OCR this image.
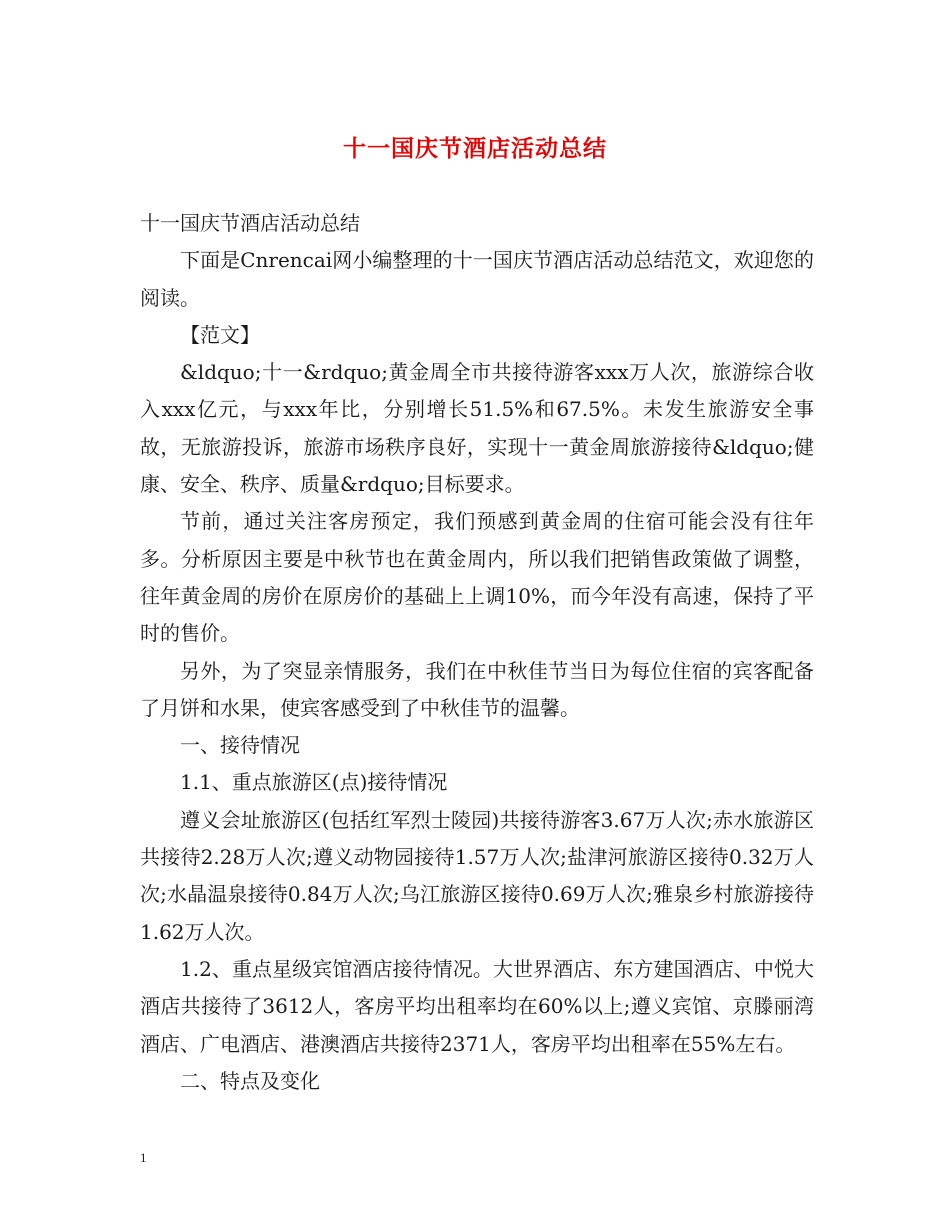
十一国庆节酒店活动总结

十一国庆节酒店活动总结

下面是Cnrencai网小编整理的十一国庆节酒店活动总结范文，欢迎您的阅读。

【范文】

&ldquo;十一&rdquo;黄金周全市共接待游客xxx万人次，旅游综合收入xxx亿元，与xxx年比，分别增长51.5%和67.5%。未发生旅游安全事故，无旅游投诉，旅游市场秩序良好，实现十一黄金周旅游接待&ldquo;健康、安全、秩序、质量&rdquo;目标要求。

节前，通过关注客房预定，我们预感到黄金周的住宿可能会没有往年多。分析原因主要是中秋节也在黄金周内，所以我们把销售政策做了调整，往年黄金周的房价在原房价的基础上上调10%，而今年没有高速，保持了平时的售价。

另外，为了突显亲情服务，我们在中秋佳节当日为每位住宿的宾客配备了月饼和水果，使宾客感受到了中秋佳节的温馨。

一、接待情况

1.1、重点旅游区(点)接待情况

遵义会址旅游区(包括红军烈士陵园)共接待游客3.67万人次;赤水旅游区共接待2.28万人次;遵义动物园接待1.57万人次;盐津河旅游区接待0.32万人次;水晶温泉接待0.84万人次;乌江旅游区接待0.69万人次;雅泉乡村旅游接待1.62万人次。

1.2、重点星级宾馆酒店接待情况。大世界酒店、东方建国酒店、中悦大酒店共接待了3612人，客房平均出租率均在60%以上;遵义宾馆、京滕丽湾酒店、广电酒店、港澳酒店共接待2371人，客房平均出租率在55%左右。

二、特点及变化

1
